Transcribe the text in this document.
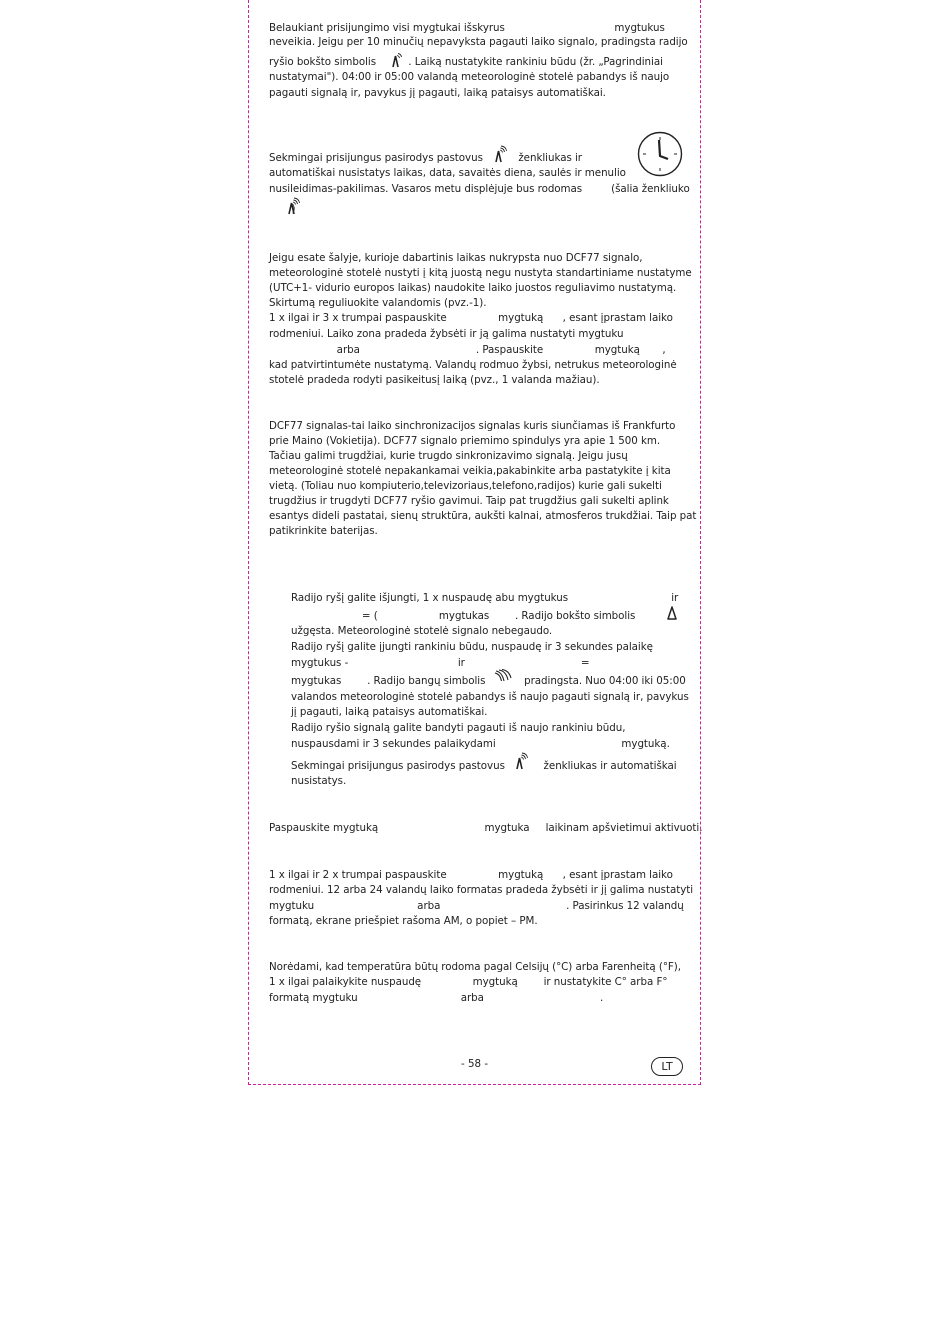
Belaukiant prisijungimo visi mygtukai išskyrus                                  mygtukus
neveikia. Jeigu per 10 minučių nepavyksta pagauti laiko signalo, pradingsta radijo
ryšio bokšto simbolis          . Laiką nustatykite rankiniu būdu (žr. „Pagrindiniai
nustatymai"). 04:00 ir 05:00 valandą meteorologinė stotelė pabandys iš naujo
pagauti signalą ir, pavykus jį pagauti, laiką pataisys automatiškai.
Sekmingai prisijungus pasirodys pastovus           ženkliukas ir
automatiškai nusistatys laikas, data, savaitės diena, saulės ir menulio
nusileidimas-pakilimas. Vasaros metu displėjuje bus rodomas         (šalia ženkliuko
)
Jeigu esate šalyje, kurioje dabartinis laikas nukrypsta nuo DCF77 signalo,
meteorologinė stotelė nustyti į kitą juostą negu nustyta standartiniame nustatyme
(UTC+1- vidurio europos laikas) naudokite laiko juostos reguliavimo nustatymą.
Skirtumą reguliuokite valandomis (pvz.-1).
1 x ilgai ir 3 x trumpai paspauskite                mygtuką      , esant įprastam laiko
rodmeniui. Laiko zona pradeda žybsėti ir ją galima nustatyti mygtuku
arba                                    . Paspauskite                mygtuką       ,
kad patvirtintumėte nustatymą. Valandų rodmuo žybsi, netrukus meteorologinė
stotelė pradeda rodyti pasikeitusį laiką (pvz., 1 valanda mažiau).
DCF77 signalas-tai laiko sinchronizacijos signalas kuris siunčiamas iš Frankfurto
prie Maino (Vokietija). DCF77 signalo priemimo spindulys yra apie 1 500 km.
Tačiau galimi trugdžiai, kurie trugdo sinkronizavimo signalą. Jeigu jusų
meteorologinė stotelė nepakankamai veikia,pakabinkite arba pastatykite į kita
vietą. (Toliau nuo kompiuterio,televizoriaus,telefono,radijos) kurie gali sukelti
trugdžius ir trugdyti DCF77 ryšio gavimui. Taip pat trugdžius gali sukelti aplink
esantys dideli pastatai, sienų struktūra, aukšti kalnai, atmosferos trukdžiai. Taip pat
patikrinkite baterijas.
Radijo ryšį galite išjungti, 1 x nuspaudę abu mygtukus                                ir
= (                   mygtukas        . Radijo bokšto simbolis
užgęsta. Meteorologinė stotelė signalo nebegaudo.
Radijo ryšį galite įjungti rankiniu būdu, nuspaudę ir 3 sekundes palaikę
mygtukus -                                  ir                                    =
mygtukas        . Radijo bangų simbolis            pradingsta. Nuo 04:00 iki 05:00
valandos meteorologinė stotelė pabandys iš naujo pagauti signalą ir, pavykus
jį pagauti, laiką pataisys automatiškai.
Radijo ryšio signalą galite bandyti pagauti iš naujo rankiniu būdu,
nuspausdami ir 3 sekundes palaikydami                                       mygtuką.
Sekmingai prisijungus pasirodys pastovus            ženkliukas ir automatiškai
nusistatys.
Paspauskite mygtuką                                 mygtuka     laikinam apšvietimui aktivuoti.
1 x ilgai ir 2 x trumpai paspauskite                mygtuką      , esant įprastam laiko
rodmeniui. 12 arba 24 valandų laiko formatas pradeda žybsėti ir jį galima nustatyti
mygtuku                                arba                                       . Pasirinkus 12 valandų
formatą, ekrane priešpiet rašoma AM, o popiet – PM.
Norėdami, kad temperatūra būtų rodoma pagal Celsijų (°C) arba Farenheitą (°F),
1 x ilgai palaikykite nuspaudę                mygtuką        ir nustatykite C° arba F°
formatą mygtuku                                arba                                    .
- 58 -	LT
